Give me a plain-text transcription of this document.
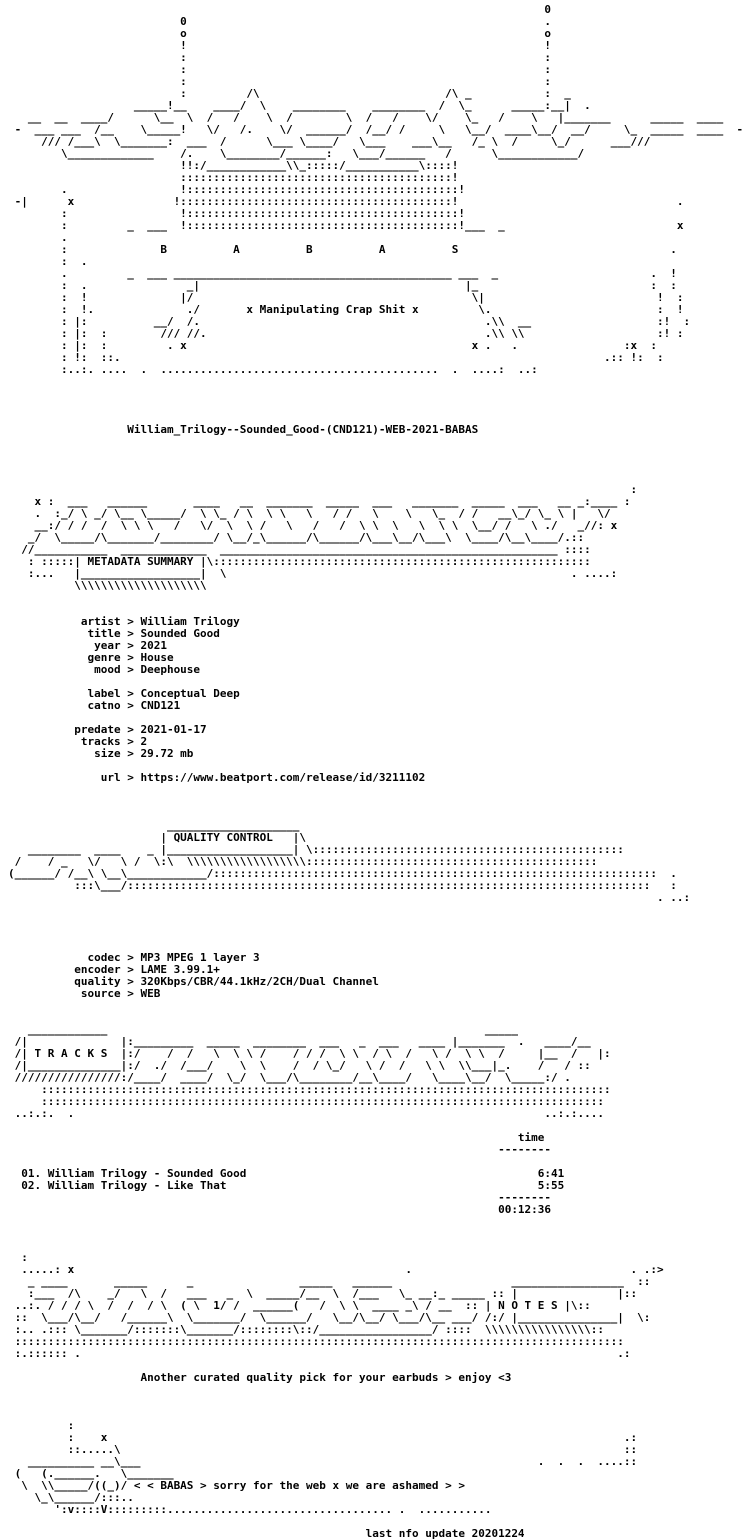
0
0                                                      .
o                                                      o
!                                                      !
:                                                      :
:                                                      :
:                                                      :
:         /\                            /\ _           :  _
_____!__    ____/  \    ________    ________  /  \_      _____:__|  .
__  __  ____/      \__  \  /   /    \  /        \  /   /    \/    \_   /    \   |_______      _____  ____
-  ___ ___  /__    \_____!   \/   /.    \/  ______/  /__/ /     \   \__/  ____\__/  __/     \_  _____  ____  -
/// /___\  \_______:  ___  /      \___ \____/   \___    ___\__   /_ \  /     \_/      ___///
\_____________    /.    \________/______:   \___/______   /      \____________/
!!:/____________\\_:::::/___________\::::!
:::::::::::::::::::::::::::::::::::::::::!
.                 !:::::::::::::::::::::::::::::::::::::::::!
-|      x               !:::::::::::::::::::::::::::::::::::::::::!                                 .
:                 !:::::::::::::::::::::::::::::::::::::::::!
:         _  ___  !:::::::::::::::::::::::::::::::::::::::::!___  _                          x
.
:              B          A          B          A          S                                .
:  .
.         _  ___ __________________________________________ ___  _                       .  !
:  .               _|                                        |_                          :  :
:  !              |/                                          \|                          !  :
:  !.              ./       x Manipulating Crap Shit x         \.                         :  !
: |:          __/  /.                                           .\\  __                   :!  :
: |:  :        /// //.                                          .\\ \\                    :! :
: |:  :         . x                                           x .   .                :x  :
: !:  ::.                                                                         .:: !:  :
:..:. ....  .  ..........................................  .  ....:  ..:

William_Trilogy--Sounded_Good-(CND121)-WEB-2021-BABAS

:
x :  ___   ______       ____   __  _______  _____  ___   _______  _____  ___   __ _:____ :
.  :_/ \ _/ \__ \_____/  \ \_ / \  \ \   \   / /   \    \   \_  / /   __\_/ \_ \ |   \/
__:/ / /  /  \ \ \   /   \/  \  \ /   \   /   /  \ \  \   \  \ \  \__/ /   \ ./   _//: x
_/  \_____/\_______/________/ \__/_\______/\______/\___\__/\___\  \____/\__\____/.::
//___________  _____________  ___________________________________________________ ::::
: :::::| METADATA SUMMARY |\:::::::::::::::::::::::::::::::::::::::::::::::::::::::::
:...   |__________________|  \                                                    . ....:
\\\\\\\\\\\\\\\\\\\\

artist > William Trilogy
title > Sounded Good
year > 2021
genre > House
mood > Deephouse

label > Conceptual Deep
catno > CND121

predate > 2021-01-17
tracks > 2
size > 29.72 mb

url > https://www.beatport.com/release/id/3211102

____________________
| QUALITY CONTROL   |\
________  ____    _ |___________________| \:::::::::::::::::::::::::::::::::::::::::::::::
/    / _   \/   \ /  \:\  \\\\\\\\\\\\\\\\\\::::::::::::::::::::::::::::::::::::::::::::
(______/ /__\ \__\____________/:::::::::::::::::::::::::::::::::::::::::::::::::::::::::::::::::::  .
:::\___/:::::::::::::::::::::::::::::::::::::::::::::::::::::::::::::::::::::::::::::::   :
. ..:

codec > MP3 MPEG 1 layer 3
encoder > LAME 3.99.1+
quality > 320Kbps/CBR/44.1kHz/2CH/Dual Channel
source > WEB

____________                                                         _____
/|              |:_________  _____  ________  ___   _  ___   ____ |_______  .   ____/__
/| T R A C K S  |:/    /  /   \  \ \ /    / / /  \ \  / \  /   \ /  \ \  /     |__  /   |:
/|______________|:/  ./  /___/    \  \    /  / \_/   \ /  /   \ \  \\___|_.    /   / ::
////////////////:/____/  ____/  \_/  \___/\________/__\____/   \____\__/  \_____:/ .
::::::::::::::::::::::::::::::::::::::::::::::::::::::::::::::::::::::::::::::::::::::
:::::::::::::::::::::::::::::::::::::::::::::::::::::::::::::::::::::::::::::::::::::
..:.:.  .                                                                       ..:.:....

time
--------

01. William Trilogy - Sounded Good                                            6:41
02. William Trilogy - Like That                                               5:55
--------
00:12:36

:
.....: x                                                  .                                 . .:>
_ ____       _____      _                _____   ______                  _________________  ::
:___  /\    _/   \  /   ___   _  \  _____/__  \  /___   \_ __:_ _____ :: |               |::
..:. / / / \  /  /  / \  ( \  1/ /  ______(   /  \ \  ____ _\ / __  :: | N O T E S |\::
::  \___/\__/   /______\  \_______/  \______/   \__/\__/ \___/\__ ___/ /:/ |_______________|  \:
:.. .::: \_______/:::::::\_______/::::::::\::/_________________/ ::::  \\\\\\\\\\\\\\\\::
::::::::::::::::::::::::::::::::::::::::::::::::::::::::::::::::::::::::::::::::::::::::::::
:.:::::: .                                                                                 .:

Another curated quality pick for your earbuds > enjoy <3

:
:    x                                                                              .:
::.....\                                                                            ::
__________ __\___                                                            .  .  .  ....::
(   (.______.   \_______
\  \\_____/((_)/ < < BABAS > sorry for the web x we are ashamed > >
\_\______/:::..
':v::::V:::::::::.................................. .  ...........

last nfo update 20201224
